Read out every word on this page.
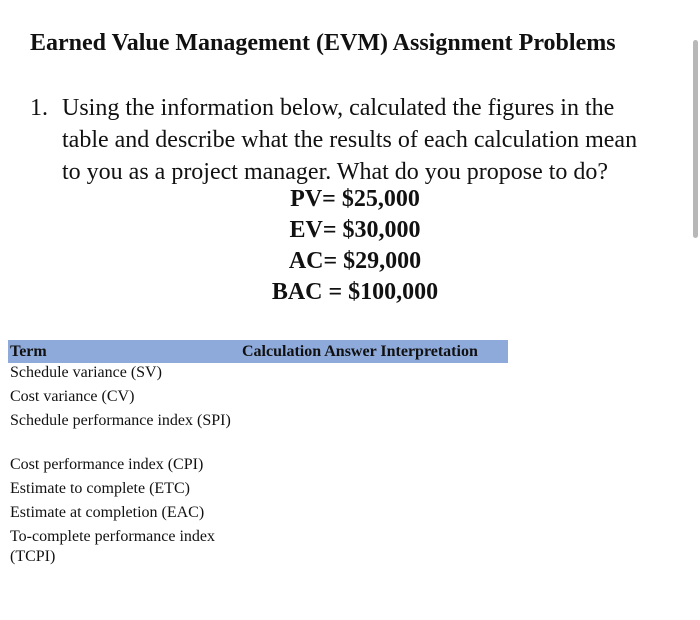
Earned Value Management (EVM) Assignment Problems
1. Using the information below, calculated the figures in the
table and describe what the results of each calculation mean
to you as a project manager. What do you propose to do?
PV= $25,000
EV= $30,000
AC= $29,000
BAC = $100,000
Term	Calculation Answer Interpretation
Schedule variance (SV)	
Cost variance (CV)	
Schedule performance index (SPI)	
Cost performance index (CPI)	
Estimate to complete (ETC)	
Estimate at completion (EAC)	
To-complete performance index (TCPI)	
